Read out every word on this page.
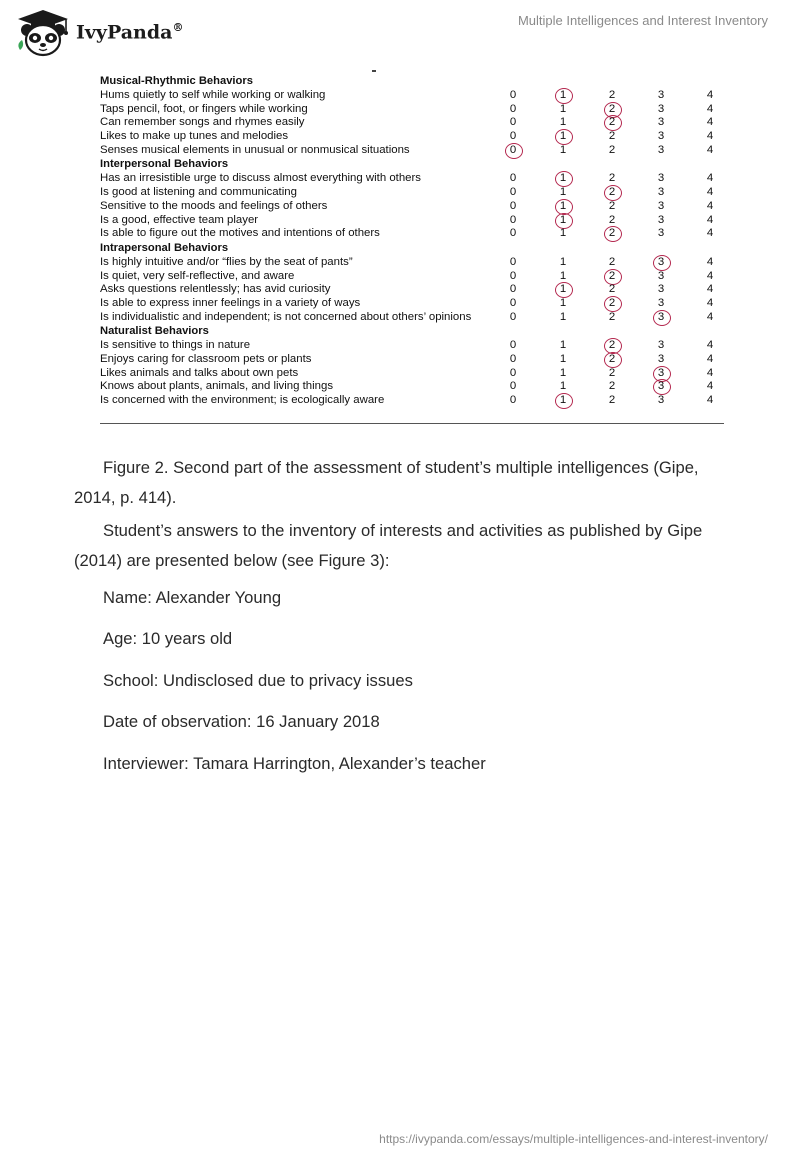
IvyPanda®	Multiple Intelligences and Interest Inventory
Musical-Rhythmic Behaviors
Hums quietly to self while working or walking	0	1	2	3	4
Taps pencil, foot, or fingers while working	0	1	2	3	4
Can remember songs and rhymes easily	0	1	2	3	4
Likes to make up tunes and melodies	0	1	2	3	4
Senses musical elements in unusual or nonmusical situations	0	1	2	3	4
Interpersonal Behaviors
Has an irresistible urge to discuss almost everything with others	0	1	2	3	4
Is good at listening and communicating	0	1	2	3	4
Sensitive to the moods and feelings of others	0	1	2	3	4
Is a good, effective team player	0	1	2	3	4
Is able to figure out the motives and intentions of others	0	1	2	3	4
Intrapersonal Behaviors
Is highly intuitive and/or “flies by the seat of pants”	0	1	2	3	4
Is quiet, very self-reflective, and aware	0	1	2	3	4
Asks questions relentlessly; has avid curiosity	0	1	2	3	4
Is able to express inner feelings in a variety of ways	0	1	2	3	4
Is individualistic and independent; is not concerned about others’ opinions	0	1	2	3	4
Naturalist Behaviors
Is sensitive to things in nature	0	1	2	3	4
Enjoys caring for classroom pets or plants	0	1	2	3	4
Likes animals and talks about own pets	0	1	2	3	4
Knows about plants, animals, and living things	0	1	2	3	4
Is concerned with the environment; is ecologically aware	0	1	2	3	4

Figure 2. Second part of the assessment of student’s multiple intelligences (Gipe, 2014, p. 414).

Student’s answers to the inventory of interests and activities as published by Gipe (2014) are presented below (see Figure 3):

Name: Alexander Young

Age: 10 years old

School: Undisclosed due to privacy issues

Date of observation: 16 January 2018

Interviewer: Tamara Harrington, Alexander’s teacher

https://ivypanda.com/essays/multiple-intelligences-and-interest-inventory/
